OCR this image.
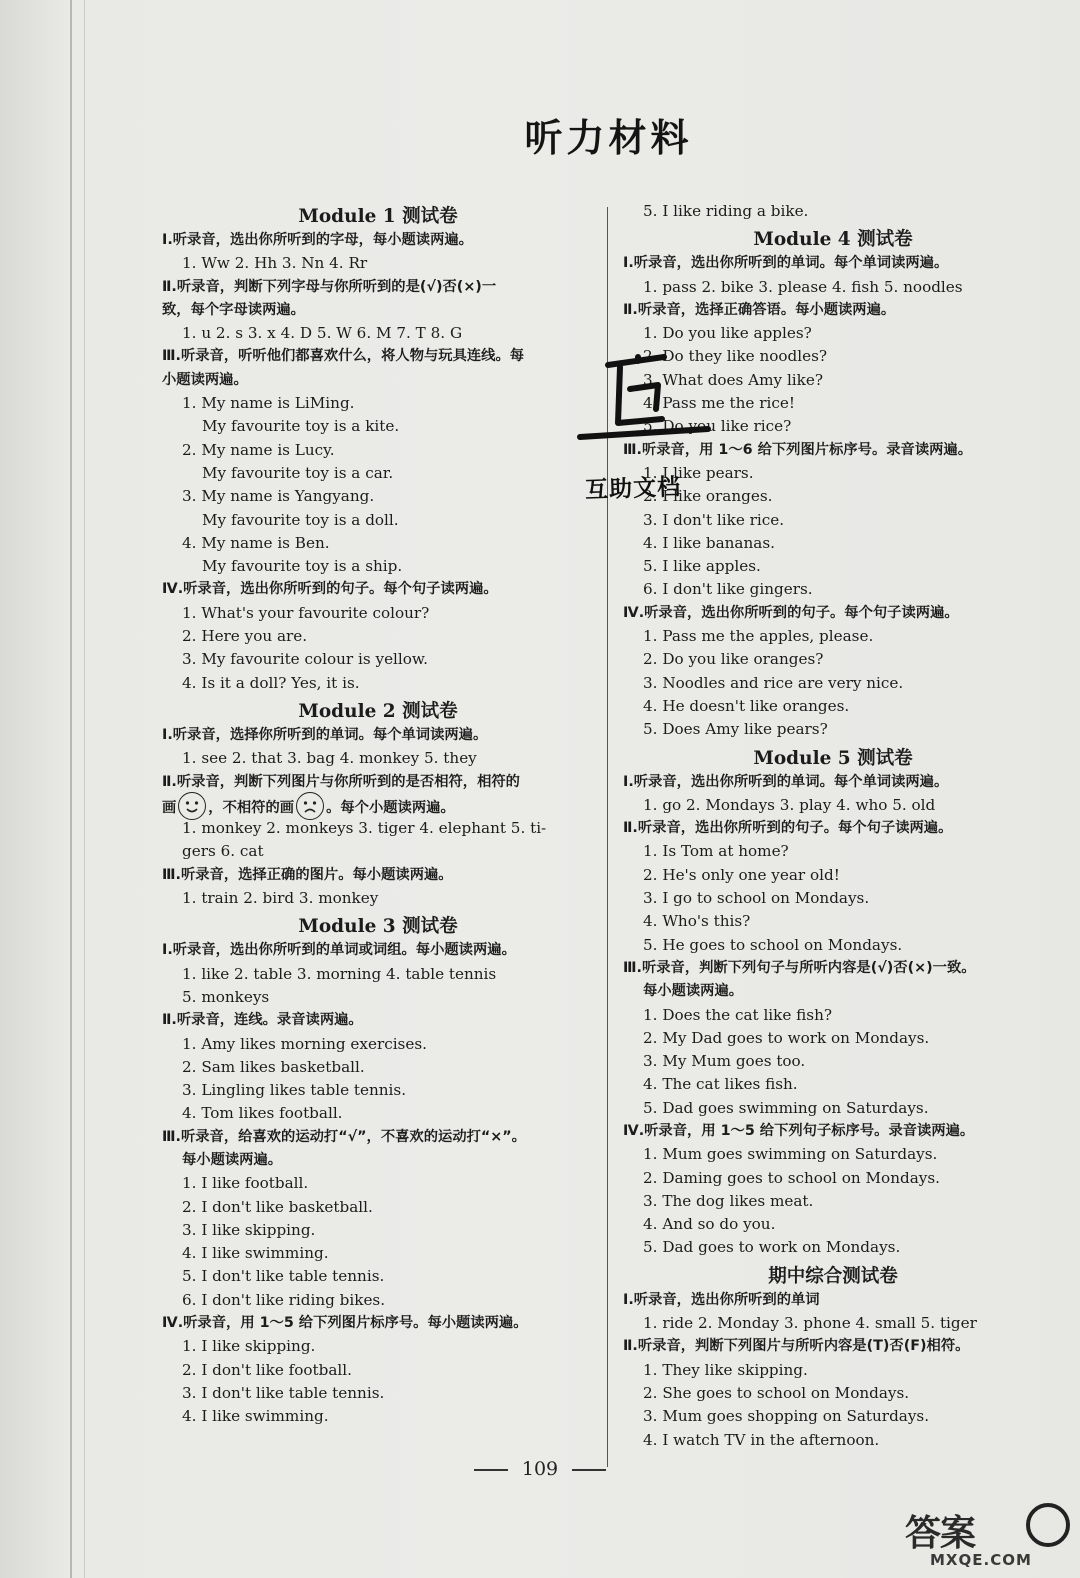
听力材料
Module 1 测试卷
Ⅰ.听录音，选出你所听到的字母，每小题读两遍。
1. Ww 2. Hh 3. Nn 4. Rr
Ⅱ.听录音，判断下列字母与你所听到的是(√)否(×)一
致，每个字母读两遍。
1. u 2. s 3. x 4. D 5. W 6. M 7. T 8. G
Ⅲ.听录音，听听他们都喜欢什么，将人物与玩具连线。每
小题读两遍。
1. My name is LiMing.
My favourite toy is a kite.
2. My name is Lucy.
My favourite toy is a car.
3. My name is Yangyang.
My favourite toy is a doll.
4. My name is Ben.
My favourite toy is a ship.
Ⅳ.听录音，选出你所听到的句子。每个句子读两遍。
1. What's your favourite colour?
2. Here you are.
3. My favourite colour is yellow.
4. Is it a doll? Yes, it is.
Module 2 测试卷
Ⅰ.听录音，选择你所听到的单词。每个单词读两遍。
1. see 2. that 3. bag 4. monkey 5. they
Ⅱ.听录音，判断下列图片与你所听到的是否相符，相符的
画 ，不相符的画 。每个小题读两遍。
1. monkey 2. monkeys 3. tiger 4. elephant 5. ti-
gers 6. cat
Ⅲ.听录音，选择正确的图片。每小题读两遍。
1. train 2. bird 3. monkey
Module 3 测试卷
Ⅰ.听录音，选出你所听到的单词或词组。每小题读两遍。
1. like 2. table 3. morning 4. table tennis
5. monkeys
Ⅱ.听录音，连线。录音读两遍。
1. Amy likes morning exercises.
2. Sam likes basketball.
3. Lingling likes table tennis.
4. Tom likes football.
Ⅲ.听录音，给喜欢的运动打“√”，不喜欢的运动打“×”。
每小题读两遍。
1. I like football.
2. I don't like basketball.
3. I like skipping.
4. I like swimming.
5. I don't like table tennis.
6. I don't like riding bikes.
Ⅳ.听录音，用 1～5 给下列图片标序号。每小题读两遍。
1. I like skipping.
2. I don't like football.
3. I don't like table tennis.
4. I like swimming.
5. I like riding a bike.
Module 4 测试卷
Ⅰ.听录音，选出你所听到的单词。每个单词读两遍。
1. pass 2. bike 3. please 4. fish 5. noodles
Ⅱ.听录音，选择正确答语。每小题读两遍。
1. Do you like apples?
2. Do they like noodles?
3. What does Amy like?
4. Pass me the rice!
5. Do you like rice?
Ⅲ.听录音，用 1～6 给下列图片标序号。录音读两遍。
1. I like pears.
2. I like oranges.
3. I don't like rice.
4. I like bananas.
5. I like apples.
6. I don't like gingers.
Ⅳ.听录音，选出你所听到的句子。每个句子读两遍。
1. Pass me the apples, please.
2. Do you like oranges?
3. Noodles and rice are very nice.
4. He doesn't like oranges.
5. Does Amy like pears?
Module 5 测试卷
Ⅰ.听录音，选出你所听到的单词。每个单词读两遍。
1. go 2. Mondays 3. play 4. who 5. old
Ⅱ.听录音，选出你所听到的句子。每个句子读两遍。
1. Is Tom at home?
2. He's only one year old!
3. I go to school on Mondays.
4. Who's this?
5. He goes to school on Mondays.
Ⅲ.听录音，判断下列句子与所听内容是(√)否(×)一致。
每小题读两遍。
1. Does the cat like fish?
2. My Dad goes to work on Mondays.
3. My Mum goes too.
4. The cat likes fish.
5. Dad goes swimming on Saturdays.
Ⅳ.听录音，用 1～5 给下列句子标序号。录音读两遍。
1. Mum goes swimming on Saturdays.
2. Daming goes to school on Mondays.
3. The dog likes meat.
4. And so do you.
5. Dad goes to work on Mondays.
期中综合测试卷
Ⅰ.听录音，选出你所听到的单词
1. ride 2. Monday 3. phone 4. small 5. tiger
Ⅱ.听录音，判断下列图片与所听内容是(T)否(F)相符。
1. They like skipping.
2. She goes to school on Mondays.
3. Mum goes shopping on Saturdays.
4. I watch TV in the afternoon.
互助文档
109
答案
MXQE.COM
